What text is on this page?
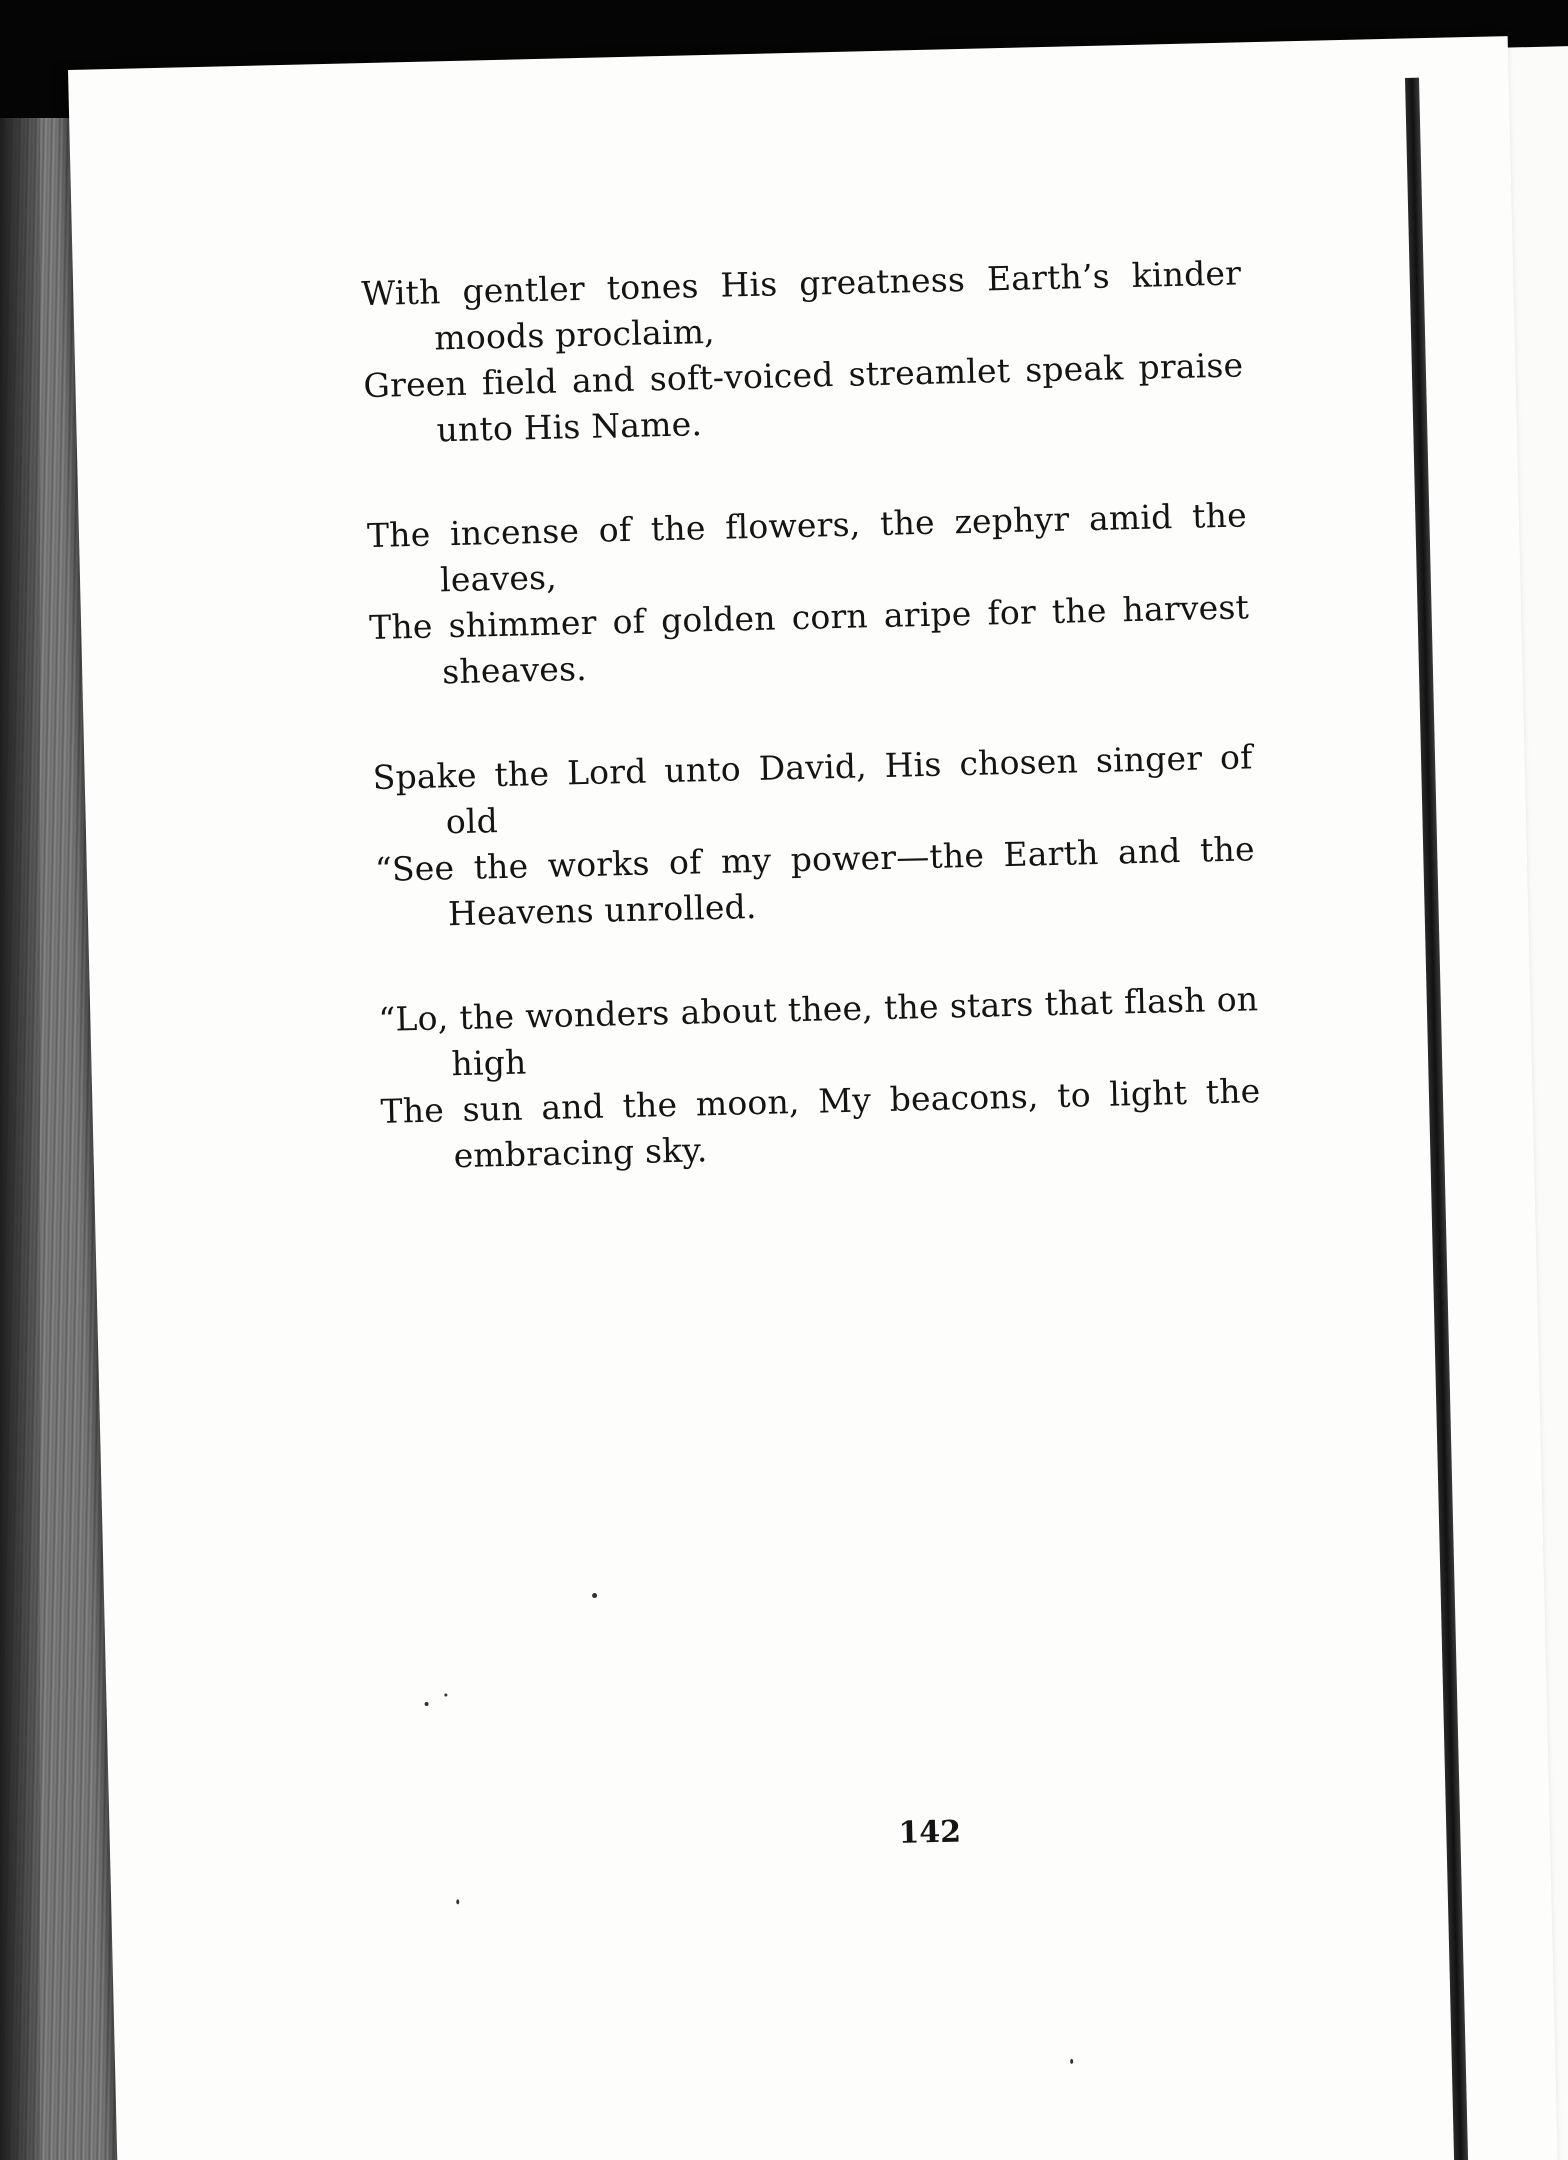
With gentler tones His greatness Earth’s kinder moods proclaim,
Green field and soft-voiced streamlet speak praise unto His Name.
The incense of the flowers, the zephyr amid the leaves,
The shimmer of golden corn aripe for the harvest sheaves.
Spake the Lord unto David, His chosen singer of old
“See the works of my power—the Earth and the Heavens unrolled.
“Lo, the wonders about thee, the stars that flash on high
The sun and the moon, My beacons, to light the embracing sky.
142
